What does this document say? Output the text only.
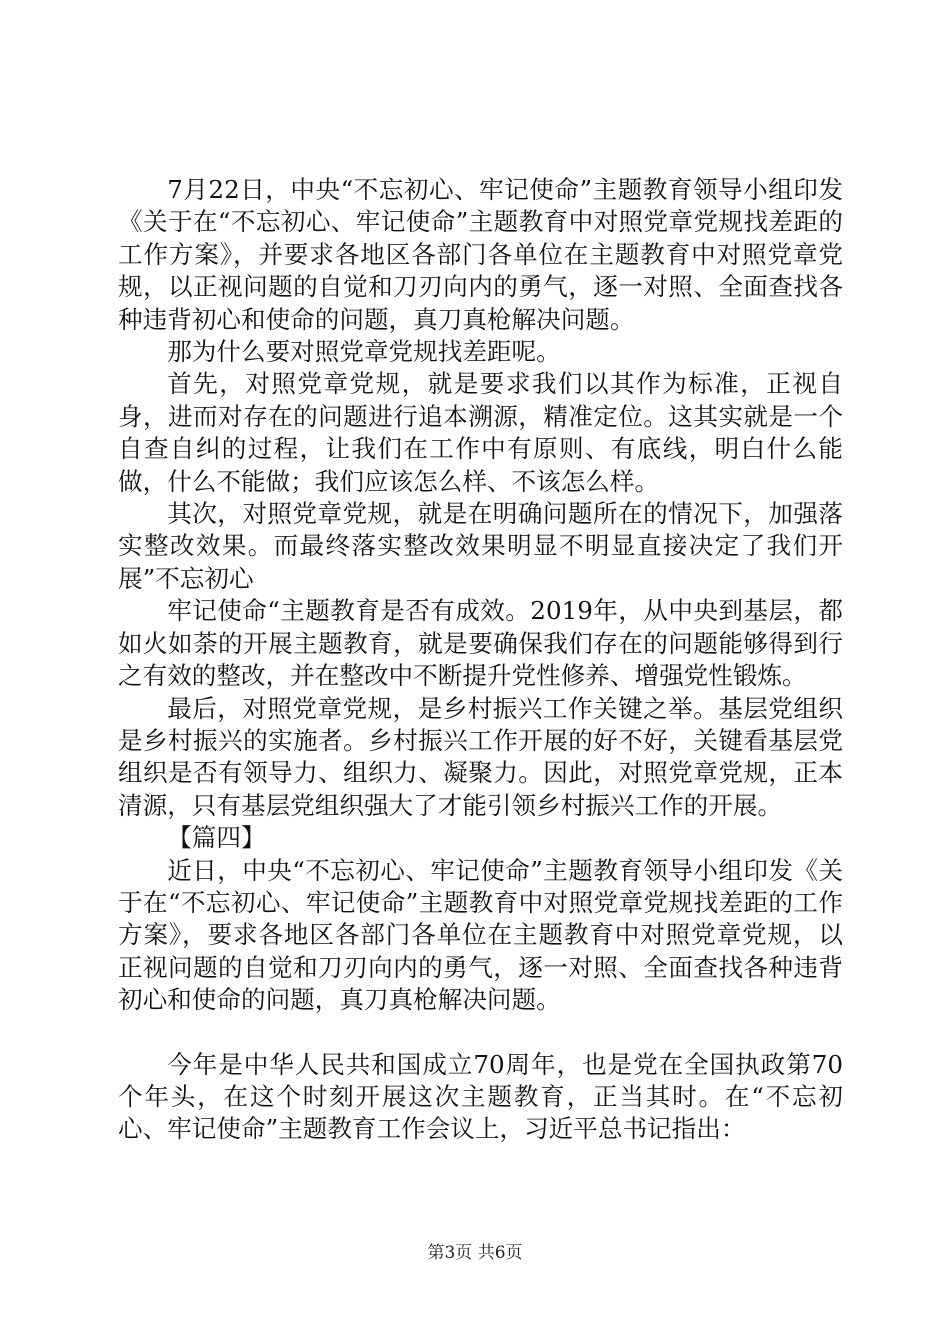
7月22日，中央“不忘初心、牢记使命”主题教育领导小组印发《关于在“不忘初心、牢记使命”主题教育中对照党章党规找差距的工作方案》，并要求各地区各部门各单位在主题教育中对照党章党规，以正视问题的自觉和刀刃向内的勇气，逐一对照、全面查找各种违背初心和使命的问题，真刀真枪解决问题。

那为什么要对照党章党规找差距呢。

首先，对照党章党规，就是要求我们以其作为标准，正视自身，进而对存在的问题进行追本溯源，精准定位。这其实就是一个自查自纠的过程，让我们在工作中有原则、有底线，明白什么能做，什么不能做；我们应该怎么样、不该怎么样。

其次，对照党章党规，就是在明确问题所在的情况下，加强落实整改效果。而最终落实整改效果明显不明显直接决定了我们开展”不忘初心

牢记使命“主题教育是否有成效。2019年，从中央到基层，都如火如荼的开展主题教育，就是要确保我们存在的问题能够得到行之有效的整改，并在整改中不断提升党性修养、增强党性锻炼。

最后，对照党章党规，是乡村振兴工作关键之举。基层党组织是乡村振兴的实施者。乡村振兴工作开展的好不好，关键看基层党组织是否有领导力、组织力、凝聚力。因此，对照党章党规，正本清源，只有基层党组织强大了才能引领乡村振兴工作的开展。

【篇四】

近日，中央“不忘初心、牢记使命”主题教育领导小组印发《关于在“不忘初心、牢记使命”主题教育中对照党章党规找差距的工作方案》，要求各地区各部门各单位在主题教育中对照党章党规，以正视问题的自觉和刀刃向内的勇气，逐一对照、全面查找各种违背初心和使命的问题，真刀真枪解决问题。

今年是中华人民共和国成立70周年，也是党在全国执政第70个年头，在这个时刻开展这次主题教育，正当其时。在“不忘初心、牢记使命”主题教育工作会议上，习近平总书记指出：

第3页 共6页
